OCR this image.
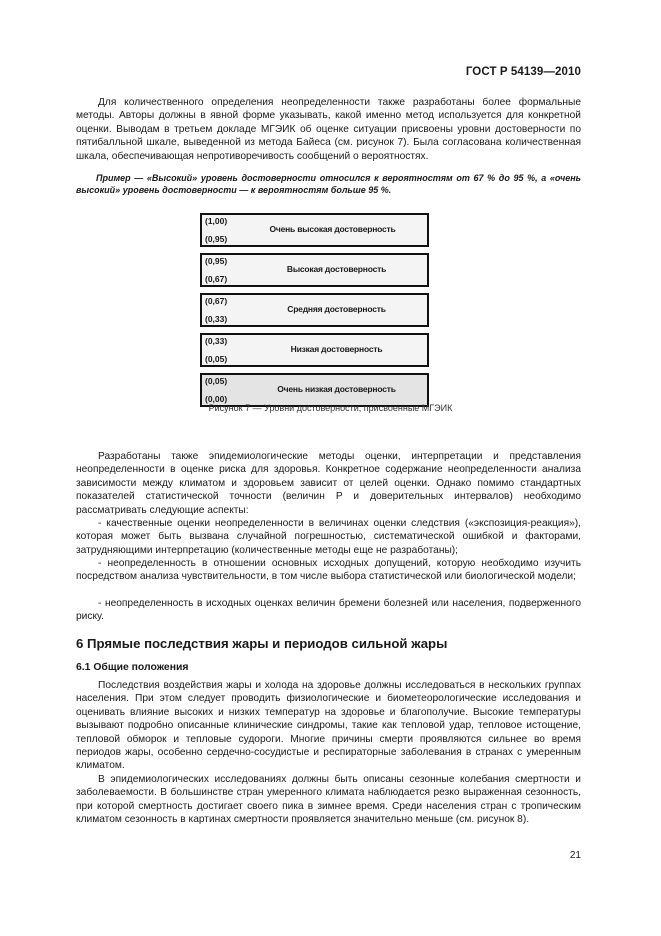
ГОСТ Р 54139—2010

Для количественного определения неопределенности также разработаны более формальные методы. Авторы должны в явной форме указывать, какой именно метод используется для конкретной оценки. Выводам в третьем докладе МГЭИК об оценке ситуации присвоены уровни достоверности по пятибалльной шкале, выведенной из метода Байеса (см. рисунок 7). Была согласована количественная шкала, обеспечивающая непротиворечивость сообщений о вероятностях.

Пример — «Высокий» уровень достоверности относился к вероятностям от 67 % до 95 %, а «очень высокий» уровень достоверности — к вероятностям больше 95 %.

(1,00)
Очень высокая достоверность
(0,95)
(0,95)
Высокая достоверность
(0,67)
(0,67)
Средняя достоверность
(0,33)
(0,33)
Низкая достоверность
(0,05)
(0,05)
Очень низкая достоверность
(0,00)
Рисунок 7 — Уровни достоверности, присвоенные МГЭИК

Разработаны также эпидемиологические методы оценки, интерпретации и представления неопределенности в оценке риска для здоровья. Конкретное содержание неопределенности анализа зависимости между климатом и здоровьем зависит от целей оценки. Однако помимо стандартных показателей статистической точности (величин P и доверительных интервалов) необходимо рассматривать следующие аспекты:

- качественные оценки неопределенности в величинах оценки следствия («экспозиция-реакция»), которая может быть вызвана случайной погрешностью, систематической ошибкой и факторами, затрудняющими интерпретацию (количественные методы еще не разработаны);

- неопределенность в отношении основных исходных допущений, которую необходимо изучить посредством анализа чувствительности, в том числе выбора статистической или биологической модели;

- неопределенность в исходных оценках величин бремени болезней или населения, подверженного риску.

6 Прямые последствия жары и периодов сильной жары
6.1 Общие положения

Последствия воздействия жары и холода на здоровье должны исследоваться в нескольких группах населения. При этом следует проводить физиологические и биометеорологические исследования и оценивать влияние высоких и низких температур на здоровье и благополучие. Высокие температуры вызывают подробно описанные клинические синдромы, такие как тепловой удар, тепловое истощение, тепловой обморок и тепловые судороги. Многие причины смерти проявляются сильнее во время периодов жары, особенно сердечно-сосудистые и респираторные заболевания в странах с умеренным климатом.

В эпидемиологических исследованиях должны быть описаны сезонные колебания смертности и заболеваемости. В большинстве стран умеренного климата наблюдается резко выраженная сезонность, при которой смертность достигает своего пика в зимнее время. Среди населения стран с тропическим климатом сезонность в картинах смертности проявляется значительно меньше (см. рисунок 8).

21
